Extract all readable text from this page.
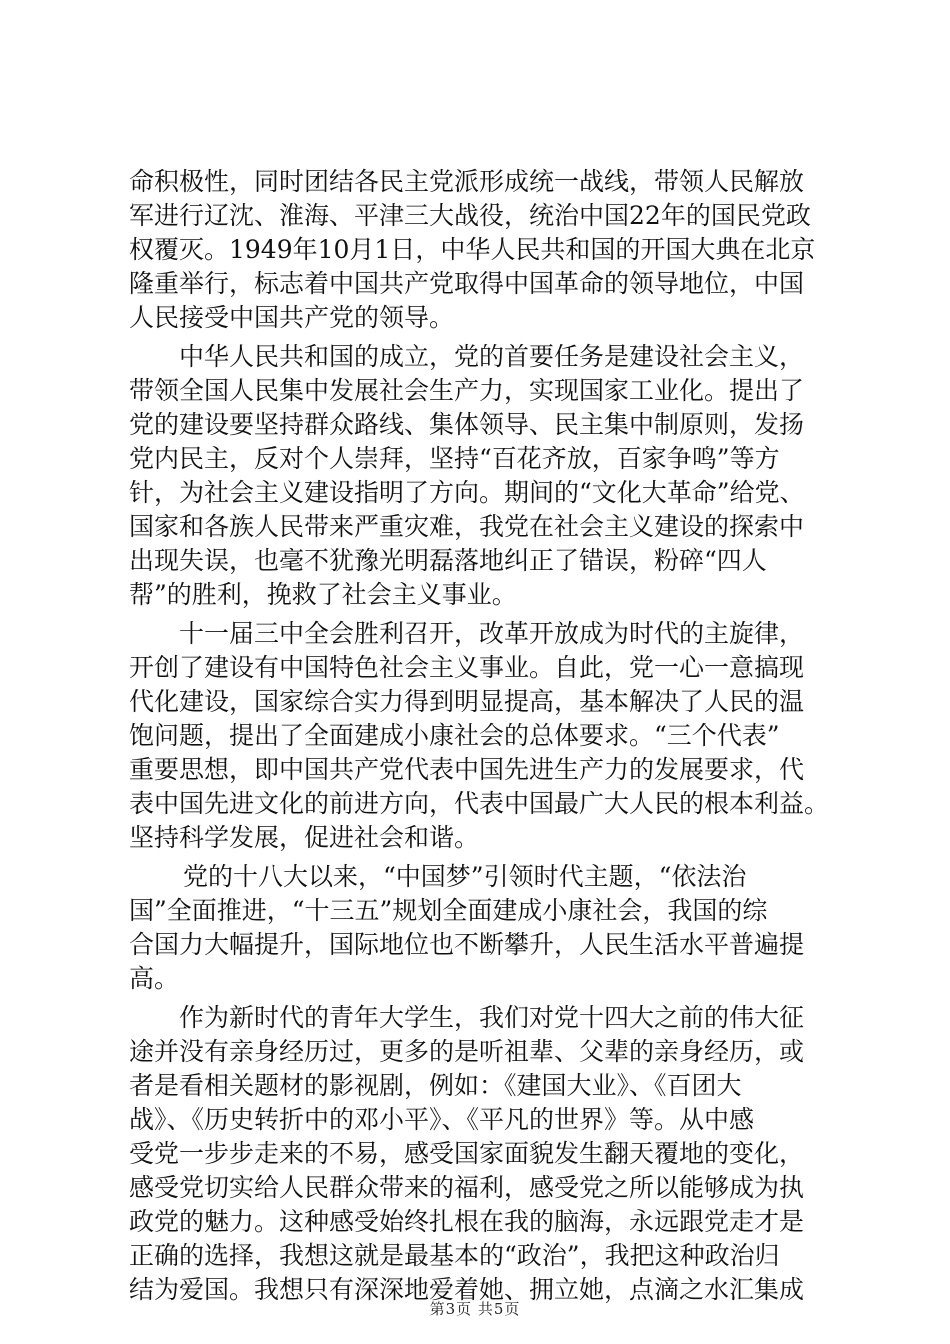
命积极性，同时团结各民主党派形成统一战线，带领人民解放
军进行辽沈、淮海、平津三大战役，统治中国22年的国民党政
权覆灭。1949年10月1日，中华人民共和国的开国大典在北京
隆重举行，标志着中国共产党取得中国革命的领导地位，中国
人民接受中国共产党的领导。
中华人民共和国的成立，党的首要任务是建设社会主义，
带领全国人民集中发展社会生产力，实现国家工业化。提出了
党的建设要坚持群众路线、集体领导、民主集中制原则，发扬
党内民主，反对个人崇拜，坚持“百花齐放，百家争鸣”等方
针，为社会主义建设指明了方向。期间的“文化大革命”给党、
国家和各族人民带来严重灾难，我党在社会主义建设的探索中
出现失误，也毫不犹豫光明磊落地纠正了错误，粉碎“四人
帮”的胜利，挽救了社会主义事业。
十一届三中全会胜利召开，改革开放成为时代的主旋律，
开创了建设有中国特色社会主义事业。自此，党一心一意搞现
代化建设，国家综合实力得到明显提高，基本解决了人民的温
饱问题，提出了全面建成小康社会的总体要求。“三个代表”
重要思想，即中国共产党代表中国先进生产力的发展要求，代
表中国先进文化的前进方向，代表中国最广大人民的根本利益。
坚持科学发展，促进社会和谐。
党的十八大以来，“中国梦”引领时代主题，“依法治
国”全面推进，“十三五”规划全面建成小康社会，我国的综
合国力大幅提升，国际地位也不断攀升，人民生活水平普遍提
高。
作为新时代的青年大学生，我们对党十四大之前的伟大征
途并没有亲身经历过，更多的是听祖辈、父辈的亲身经历，或
者是看相关题材的影视剧，例如：《建国大业》、《百团大
战》、《历史转折中的邓小平》、《平凡的世界》等。从中感
受党一步步走来的不易，感受国家面貌发生翻天覆地的变化，
感受党切实给人民群众带来的福利，感受党之所以能够成为执
政党的魅力。这种感受始终扎根在我的脑海，永远跟党走才是
正确的选择，我想这就是最基本的“政治”，我把这种政治归
结为爱国。我想只有深深地爱着她、拥立她，点滴之水汇集成
第3页 共5页
